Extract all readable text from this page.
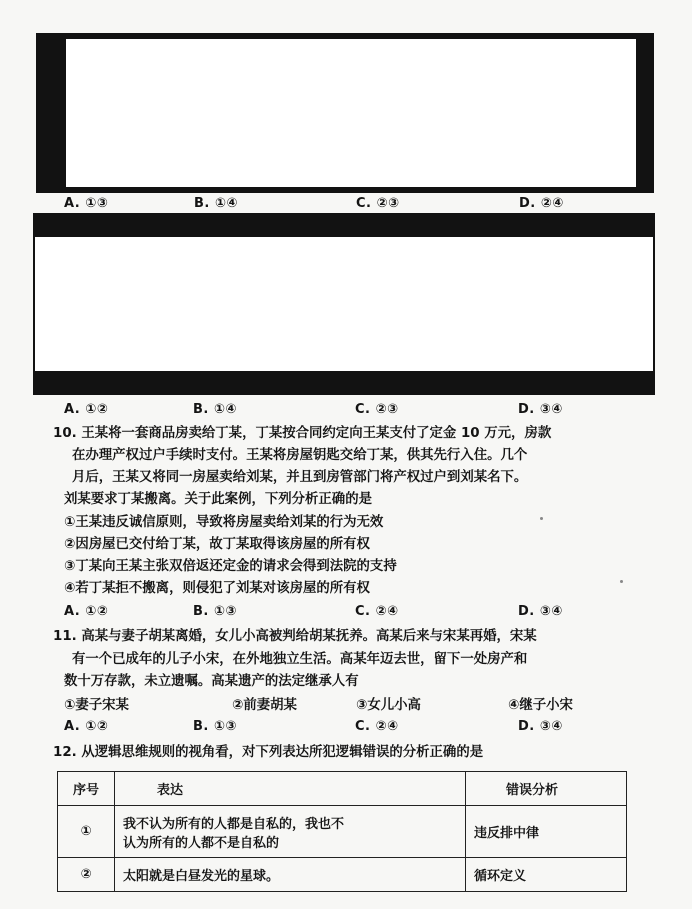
A. ①③	B. ①④	C. ②③	D. ②④
A. ①②	B. ①④	C. ②③	D. ③④
10. 王某将一套商品房卖给丁某，丁某按合同约定向王某支付了定金 10 万元，房款
在办理产权过户手续时支付。王某将房屋钥匙交给丁某，供其先行入住。几个
月后，王某又将同一房屋卖给刘某，并且到房管部门将产权过户到刘某名下。
刘某要求丁某搬离。关于此案例，下列分析正确的是
①王某违反诚信原则，导致将房屋卖给刘某的行为无效
②因房屋已交付给丁某，故丁某取得该房屋的所有权
③丁某向王某主张双倍返还定金的请求会得到法院的支持
④若丁某拒不搬离，则侵犯了刘某对该房屋的所有权
A. ①②	B. ①③	C. ②④	D. ③④
11. 高某与妻子胡某离婚，女儿小高被判给胡某抚养。高某后来与宋某再婚，宋某
有一个已成年的儿子小宋，在外地独立生活。高某年迈去世，留下一处房产和
数十万存款，未立遗嘱。高某遗产的法定继承人有
①妻子宋某	②前妻胡某	③女儿小高	④继子小宋
A. ①②	B. ①③	C. ②④	D. ③④
12. 从逻辑思维规则的视角看，对下列表达所犯逻辑错误的分析正确的是
序号	表达	错误分析
①	我不认为所有的人都是自私的，我也不
认为所有的人都不是自私的	违反排中律
②	太阳就是白昼发光的星球。	循环定义
